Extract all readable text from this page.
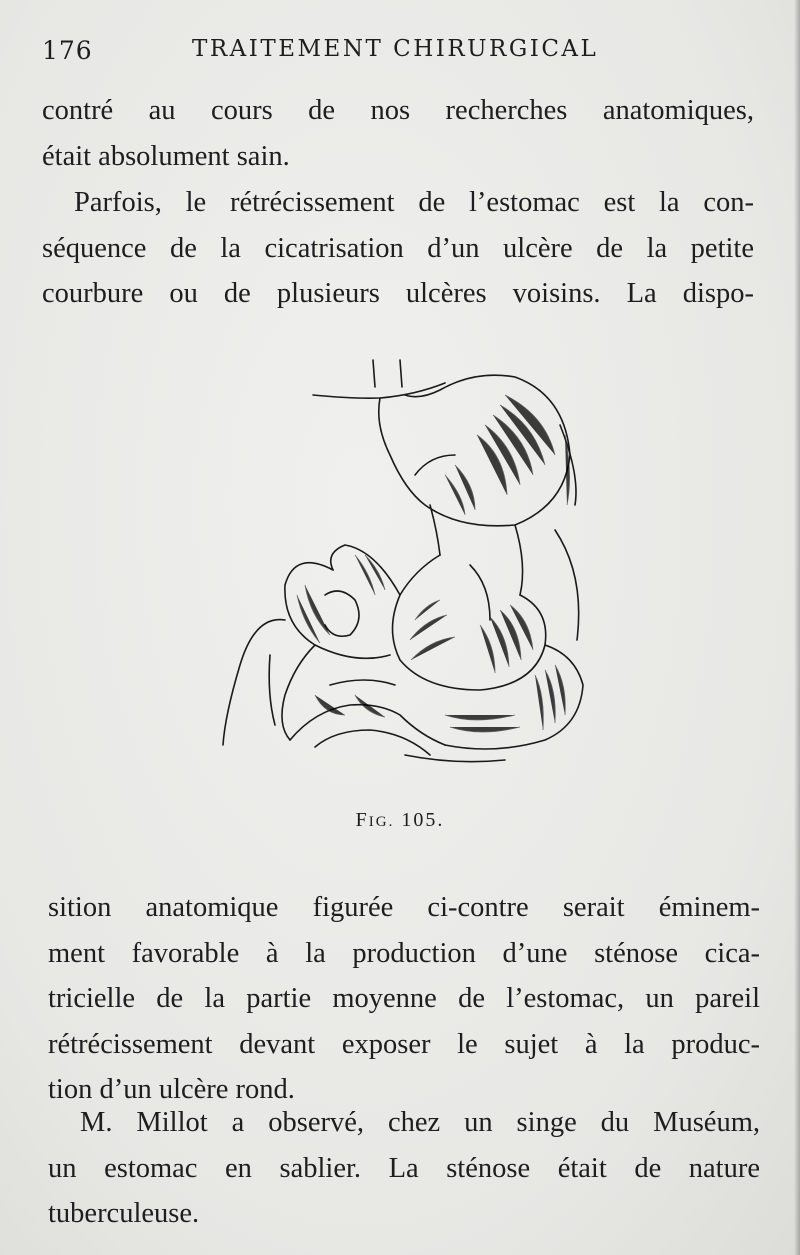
176	TRAITEMENT CHIRURGICAL
contré au cours de nos recherches anatomiques,
était absolument sain.
Parfois, le rétrécissement de l’estomac est la con-
séquence de la cicatrisation d’un ulcère de la petite
courbure ou de plusieurs ulcères voisins. La dispo-
FIG. 105.
sition anatomique figurée ci-contre serait éminem-
ment favorable à la production d’une sténose cica-
tricielle de la partie moyenne de l’estomac, un pareil
rétrécissement devant exposer le sujet à la produc-
tion d’un ulcère rond.
M. Millot a observé, chez un singe du Muséum,
un estomac en sablier. La sténose était de nature
tuberculeuse.
